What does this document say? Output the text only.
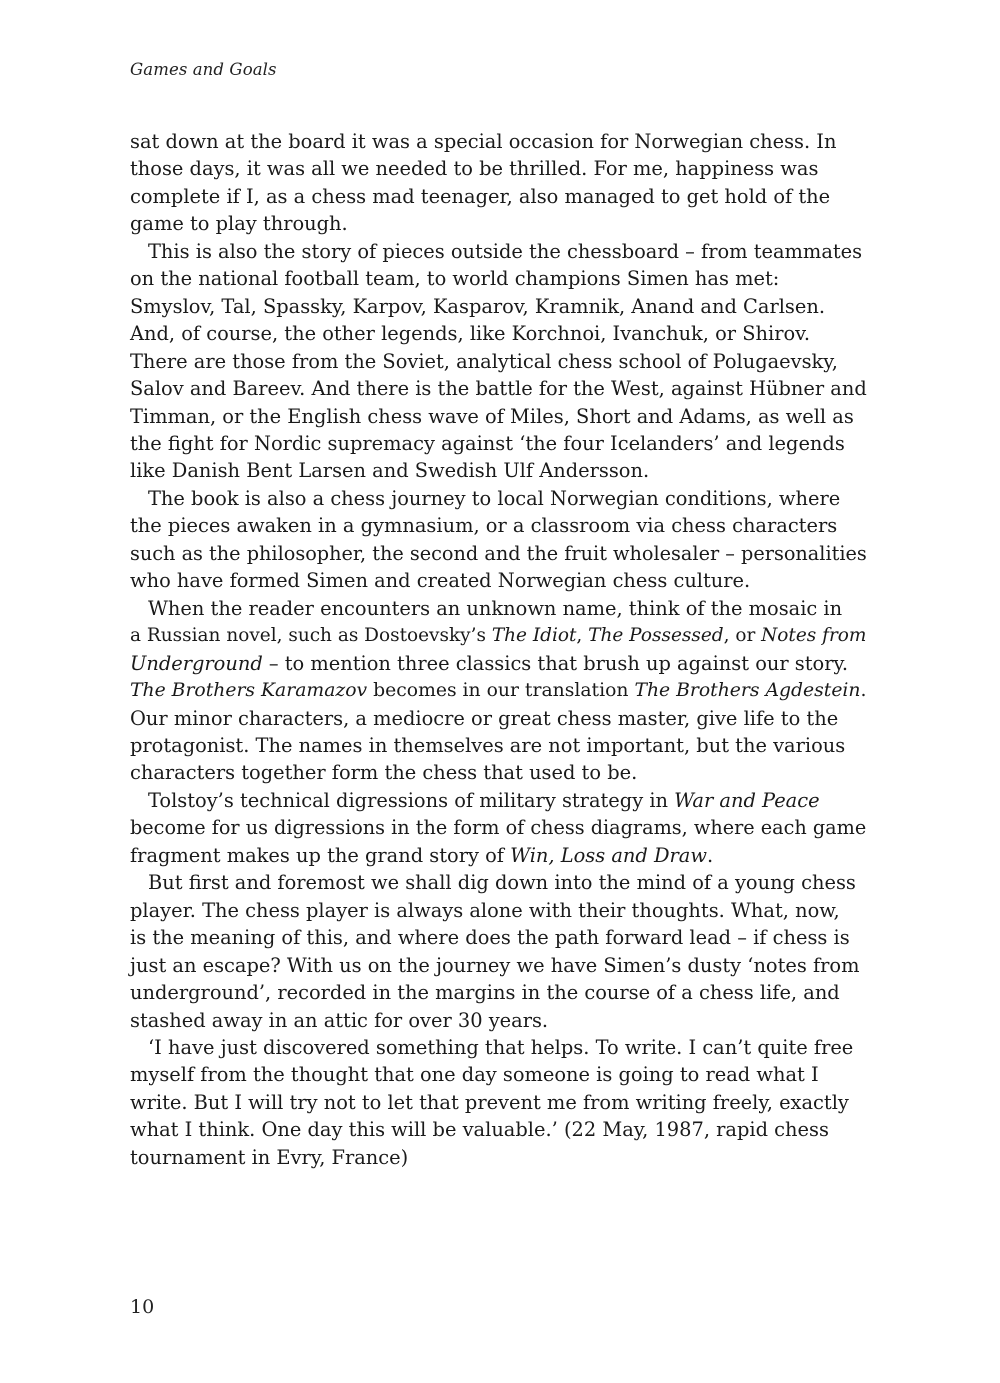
Games and Goals
sat down at the board it was a special occasion for Norwegian chess. In
those days, it was all we needed to be thrilled. For me, happiness was
complete if I, as a chess mad teenager, also managed to get hold of the
game to play through.
This is also the story of pieces outside the chessboard – from teammates
on the national football team, to world champions Simen has met:
Smyslov, Tal, Spassky, Karpov, Kasparov, Kramnik, Anand and Carlsen.
And, of course, the other legends, like Korchnoi, Ivanchuk, or Shirov.
There are those from the Soviet, analytical chess school of Polugaevsky,
Salov and Bareev. And there is the battle for the West, against Hübner and
Timman, or the English chess wave of Miles, Short and Adams, as well as
the fight for Nordic supremacy against ‘the four Icelanders’ and legends
like Danish Bent Larsen and Swedish Ulf Andersson.
The book is also a chess journey to local Norwegian conditions, where
the pieces awaken in a gymnasium, or a classroom via chess characters
such as the philosopher, the second and the fruit wholesaler – personalities
who have formed Simen and created Norwegian chess culture.
When the reader encounters an unknown name, think of the mosaic in
a Russian novel, such as Dostoevsky’s The Idiot, The Possessed, or Notes from
Underground – to mention three classics that brush up against our story.
The Brothers Karamazov becomes in our translation The Brothers Agdestein.
Our minor characters, a mediocre or great chess master, give life to the
protagonist. The names in themselves are not important, but the various
characters together form the chess that used to be.
Tolstoy’s technical digressions of military strategy in War and Peace
become for us digressions in the form of chess diagrams, where each game
fragment makes up the grand story of Win, Loss and Draw.
But first and foremost we shall dig down into the mind of a young chess
player. The chess player is always alone with their thoughts. What, now,
is the meaning of this, and where does the path forward lead – if chess is
just an escape? With us on the journey we have Simen’s dusty ‘notes from
underground’, recorded in the margins in the course of a chess life, and
stashed away in an attic for over 30 years.
‘I have just discovered something that helps. To write. I can’t quite free
myself from the thought that one day someone is going to read what I
write. But I will try not to let that prevent me from writing freely, exactly
what I think. One day this will be valuable.’ (22 May, 1987, rapid chess
tournament in Evry, France)
10
